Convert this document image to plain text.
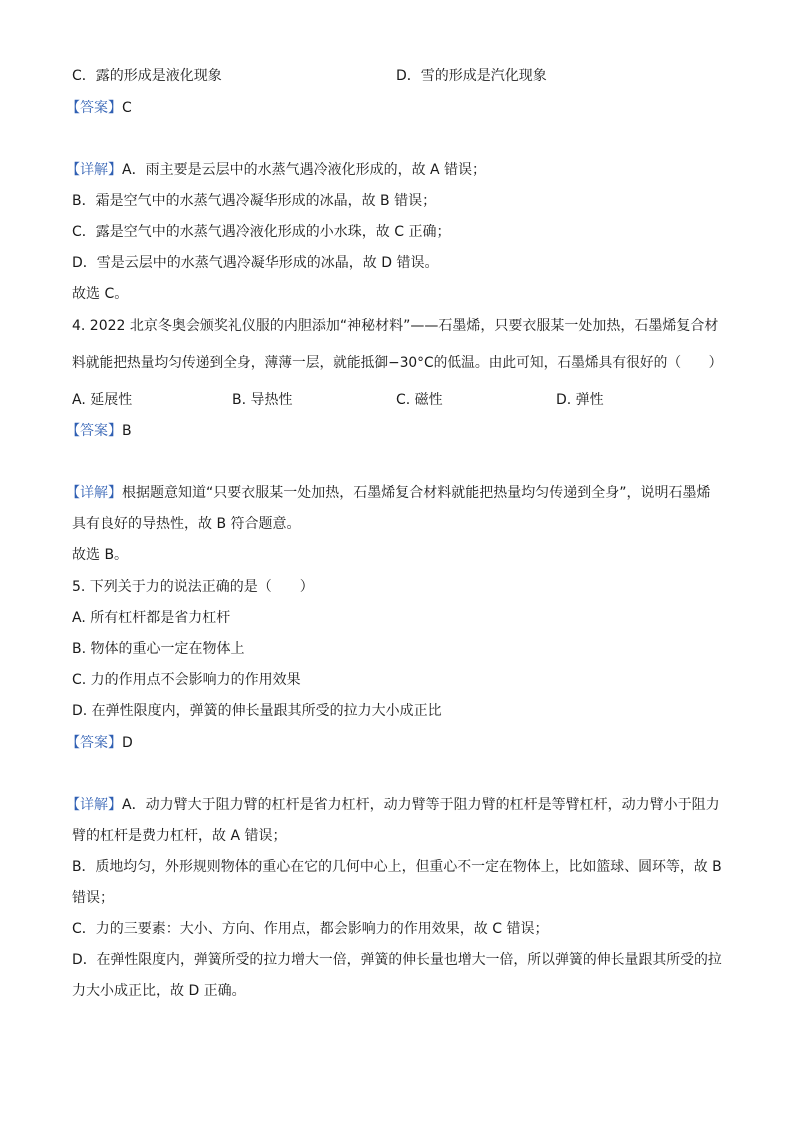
C．露的形成是液化现象	D．雪的形成是汽化现象
【答案】C
【详解】A．雨主要是云层中的水蒸气遇冷液化形成的，故 A 错误；
B．霜是空气中的水蒸气遇冷凝华形成的冰晶，故 B 错误；
C．露是空气中的水蒸气遇冷液化形成的小水珠，故 C 正确；
D．雪是云层中的水蒸气遇冷凝华形成的冰晶，故 D 错误。
故选 C。
4. 2022 北京冬奥会颁奖礼仪服的内胆添加“神秘材料”——石墨烯，只要衣服某一处加热，石墨烯复合材
料就能把热量均匀传递到全身，薄薄一层，就能抵御−30°C的低温。由此可知，石墨烯具有很好的（　　）
A. 延展性	B. 导热性	C. 磁性	D. 弹性
【答案】B
【详解】根据题意知道“只要衣服某一处加热，石墨烯复合材料就能把热量均匀传递到全身”，说明石墨烯
具有良好的导热性，故 B 符合题意。
故选 B。
5. 下列关于力的说法正确的是（　　）
A. 所有杠杆都是省力杠杆
B. 物体的重心一定在物体上
C. 力的作用点不会影响力的作用效果
D. 在弹性限度内，弹簧的伸长量跟其所受的拉力大小成正比
【答案】D
【详解】A．动力臂大于阻力臂的杠杆是省力杠杆，动力臂等于阻力臂的杠杆是等臂杠杆，动力臂小于阻力
臂的杠杆是费力杠杆，故 A 错误；
B．质地均匀，外形规则物体的重心在它的几何中心上，但重心不一定在物体上，比如篮球、圆环等，故 B
错误；
C．力的三要素：大小、方向、作用点，都会影响力的作用效果，故 C 错误；
D．在弹性限度内，弹簧所受的拉力增大一倍，弹簧的伸长量也增大一倍，所以弹簧的伸长量跟其所受的拉
力大小成正比，故 D 正确。
